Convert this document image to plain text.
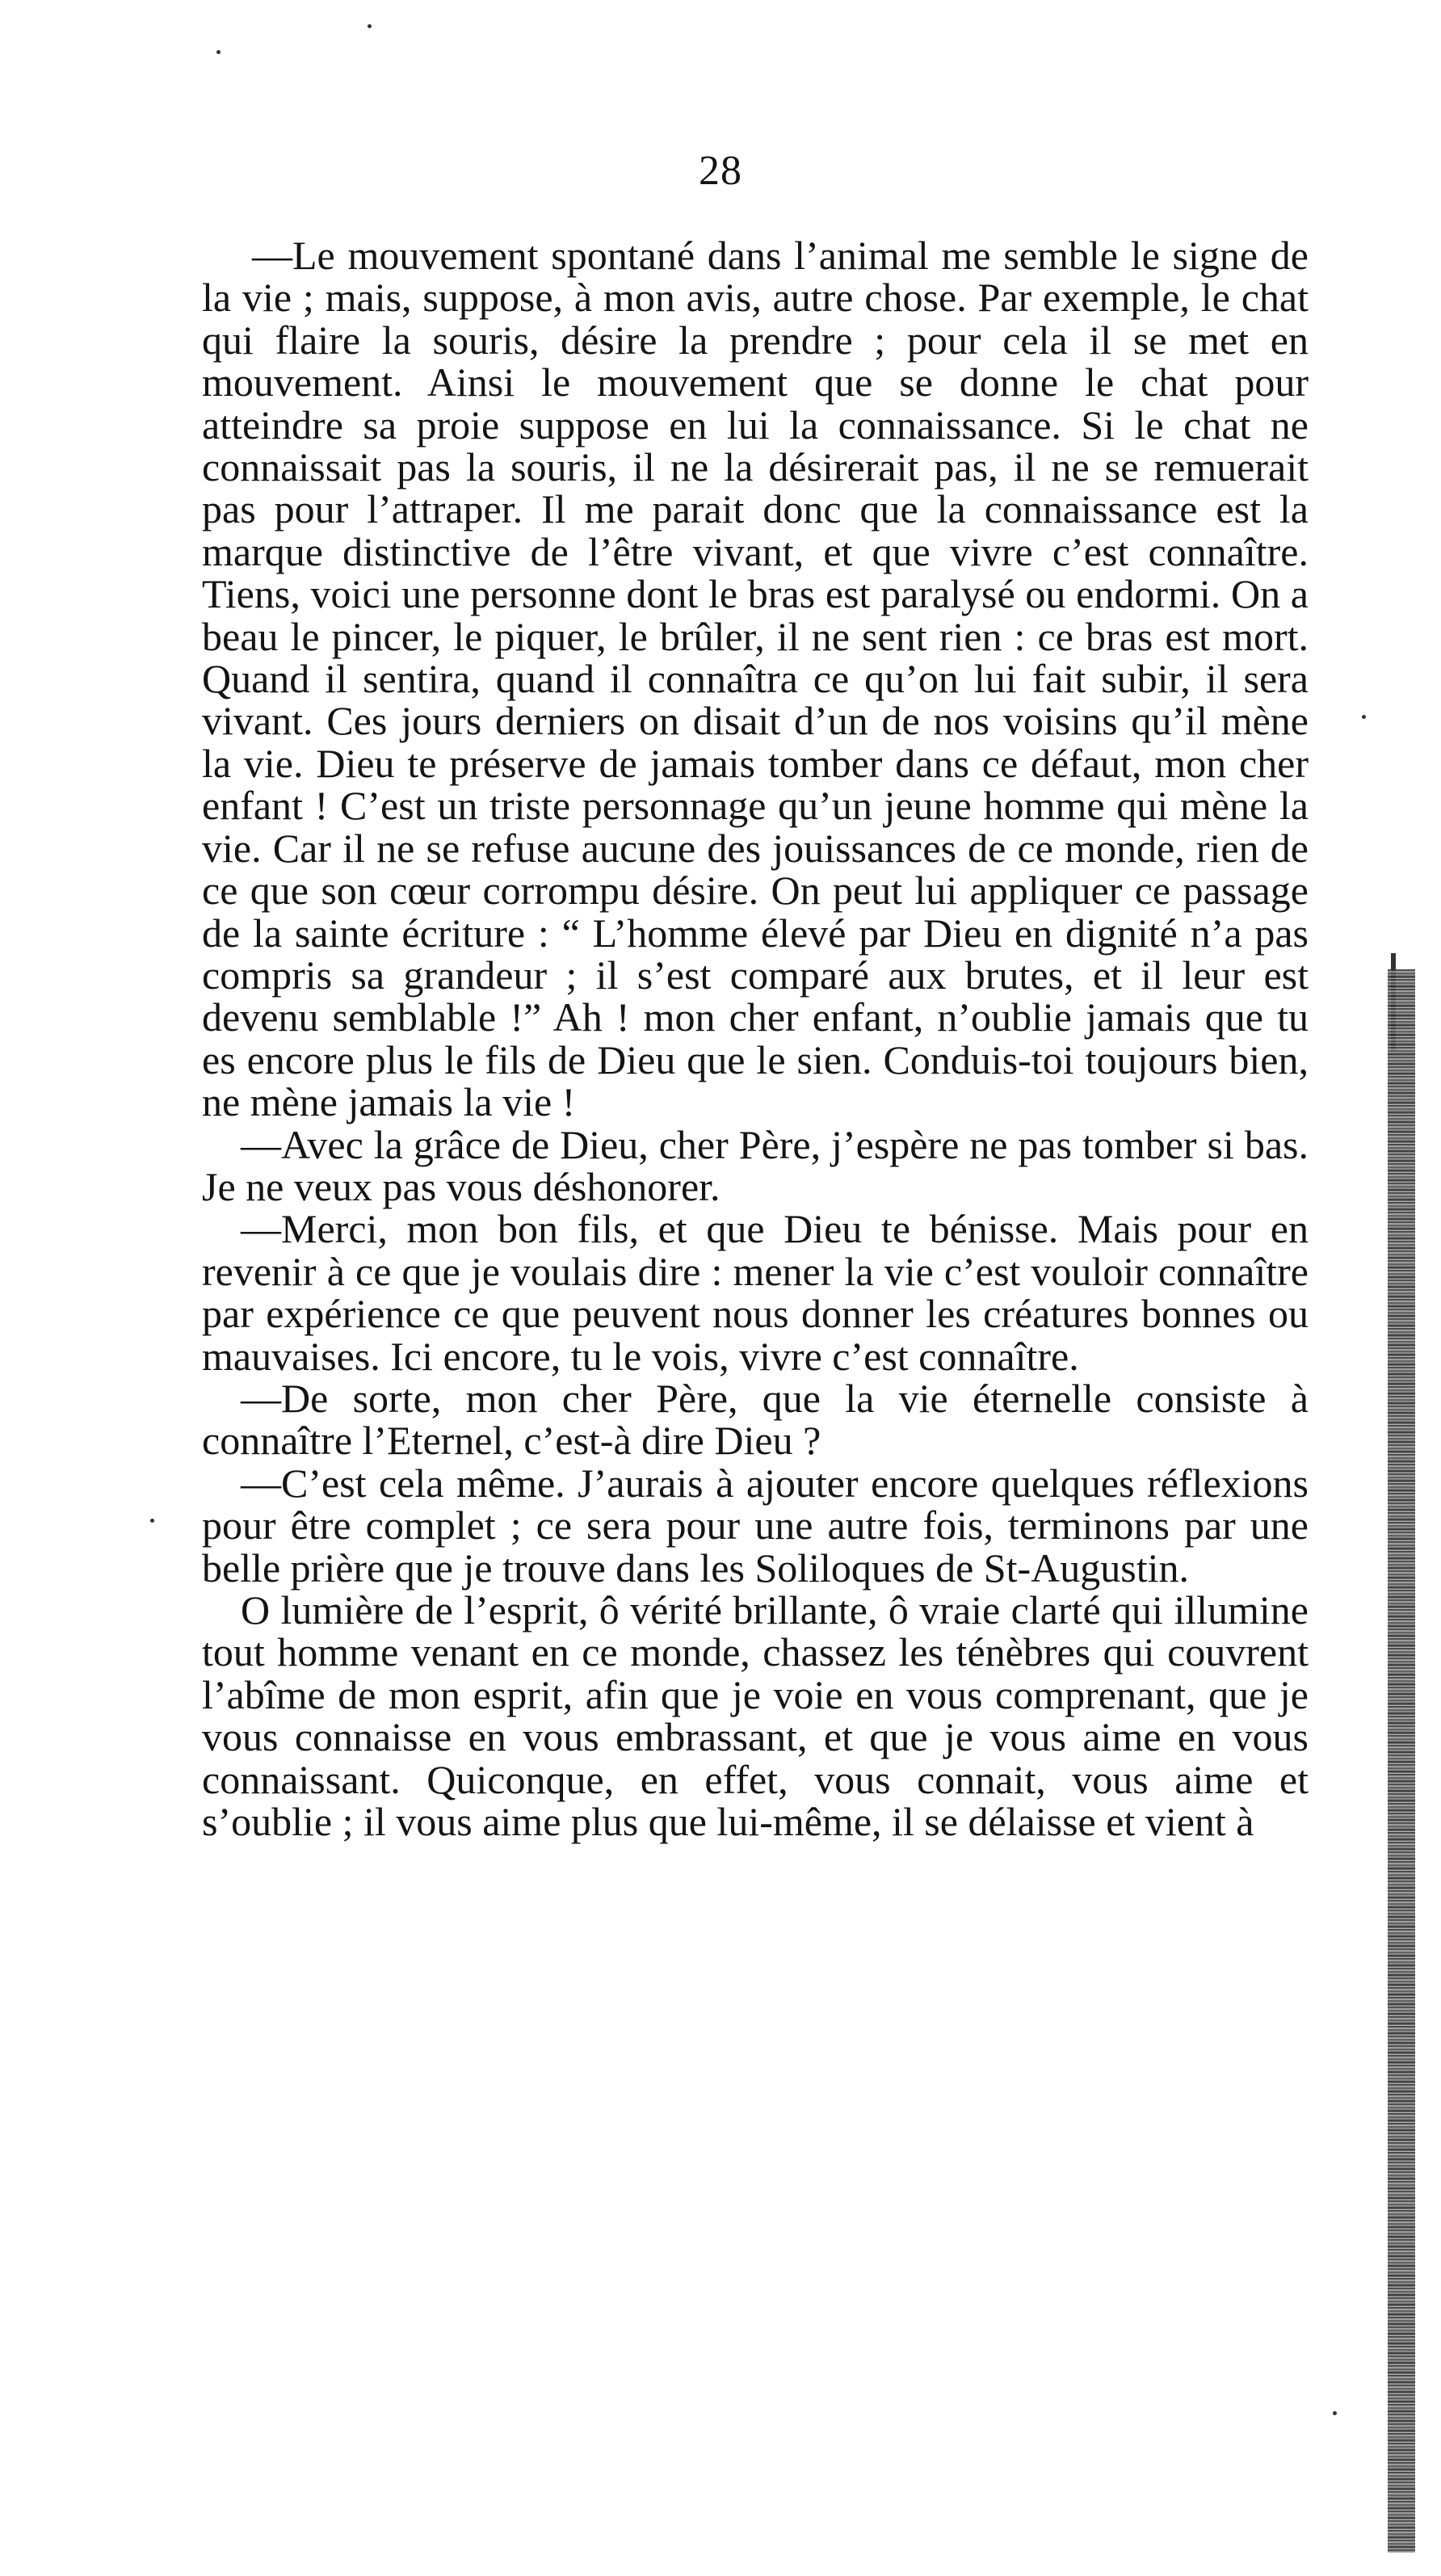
28

—Le mouvement spontané dans l’animal me semble le signe de la vie ; mais, suppose, à mon avis, autre chose. Par exemple, le chat qui flaire la souris, désire la prendre ; pour cela il se met en mouvement. Ainsi le mouvement que se donne le chat pour atteindre sa proie suppose en lui la connaissance. Si le chat ne connaissait pas la souris, il ne la désirerait pas, il ne se remuerait pas pour l’attraper. Il me parait donc que la connaissance est la marque distinctive de l’être vivant, et que vivre c’est connaître. Tiens, voici une personne dont le bras est paralysé ou endormi. On a beau le pincer, le piquer, le brûler, il ne sent rien : ce bras est mort. Quand il sentira, quand il connaîtra ce qu’on lui fait subir, il sera vivant. Ces jours derniers on disait d’un de nos voisins qu’il mène la vie. Dieu te préserve de jamais tomber dans ce défaut, mon cher enfant ! C’est un triste personnage qu’un jeune homme qui mène la vie. Car il ne se refuse aucune des jouissances de ce monde, rien de ce que son cœur corrompu désire. On peut lui appliquer ce passage de la sainte écriture : “ L’homme élevé par Dieu en dignité n’a pas compris sa grandeur ; il s’est comparé aux brutes, et il leur est devenu semblable !” Ah ! mon cher enfant, n’oublie jamais que tu es encore plus le fils de Dieu que le sien. Conduis-toi toujours bien, ne mène jamais la vie !

—Avec la grâce de Dieu, cher Père, j’espère ne pas tomber si bas. Je ne veux pas vous déshonorer.

—Merci, mon bon fils, et que Dieu te bénisse. Mais pour en revenir à ce que je voulais dire : mener la vie c’est vouloir connaître par expérience ce que peuvent nous donner les créatures bonnes ou mauvaises. Ici encore, tu le vois, vivre c’est connaître.

—De sorte, mon cher Père, que la vie éternelle consiste à connaître l’Eternel, c’est-à dire Dieu ?

—C’est cela même. J’aurais à ajouter encore quelques réflexions pour être complet ; ce sera pour une autre fois, terminons par une belle prière que je trouve dans les Soliloques de St-Augustin.

O lumière de l’esprit, ô vérité brillante, ô vraie clarté qui illumine tout homme venant en ce monde, chassez les ténèbres qui couvrent l’abîme de mon esprit, afin que je voie en vous comprenant, que je vous connaisse en vous embrassant, et que je vous aime en vous connaissant. Quiconque, en effet, vous connait, vous aime et s’oublie ; il vous aime plus que lui-même, il se délaisse et vient à
